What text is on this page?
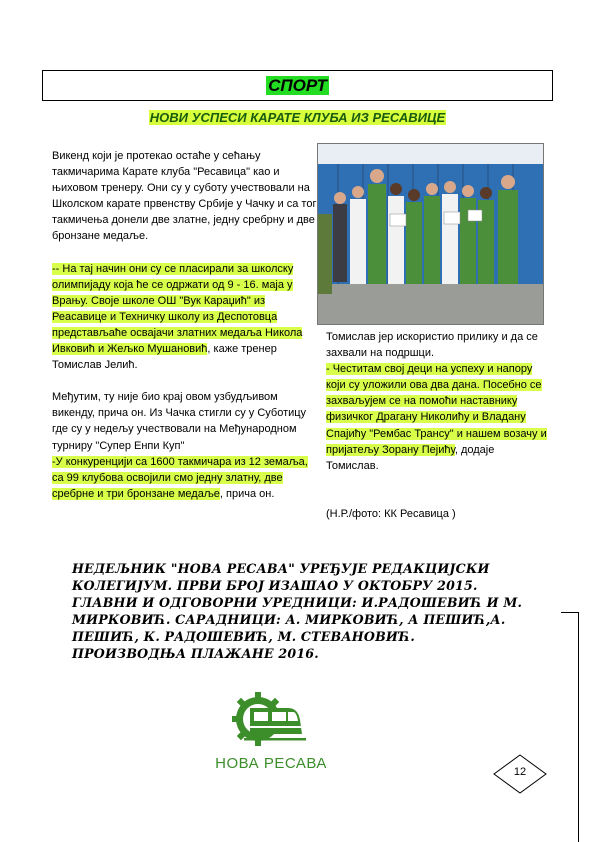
СПОРТ
НОВИ УСПЕСИ КАРАТЕ КЛУБА ИЗ РЕСАВИЦЕ

Викенд који је протекао остаће у сећању такмичарима Карате клуба "Ресавица" као и њиховом тренеру. Они су у суботу учествовали на Школском карате првенству Србије у Чачку и са тог такмичења донели две златне, једну сребрну и две бронзане медаље.

-- На тај начин они су се пласирали за школску олимпијаду која ће се одржати од 9 - 16. маја у Врању. Своје школе ОШ "Вук Караџић" из Реасавице и Техничку школу из Деспотовца представљаће освајачи златних медаља Никола Ивковић и Жељко Мушановић, каже тренер Томислав Јелић.

Међутим, ту није био крај овом узбудљивом викенду, прича он. Из Чачка стигли су у Суботицу где су у недељу учествовали на Међународном турниру "Супер Енпи Куп"
-У конкуренцији са 1600 такмичара из 12 земаља, са 99 клубова освојили смо једну златну, две сребрне и три бронзане медаље, прича он.

Томислав јер искористио прилику и да се захвали на подршци.

- Честитам свој деци на успеху и напору који су уложили ова два дана. Посебно се захваљујем се на помоћи наставнику физичког Драгану Николићу и Владану Спајићу "Рембас Трансу" и нашем возачу и пријатељу Зорану Пејићу, додаје Томислав.

(Н.Р./фото: КК Ресавица )

НЕДЕЉНИК "НОВА РЕСАВА" УРЕЂУЈЕ РЕДАКЦИЈСКИ КОЛЕГИЈУМ. ПРВИ БРОЈ ИЗАШАО У ОКТОБРУ 2015. ГЛАВНИ И ОДГОВОРНИ УРЕДНИЦИ: И.РАДОШЕВИЋ И М. МИРКОВИЋ. САРАДНИЦИ: А. МИРКОВИЋ, А ПЕШИЋ,А. ПЕШИЋ, К. РАДОШЕВИЋ, М. СТЕВАНОВИЋ. ПРОИЗВОДЊА ПЛАЖАНЕ 2016.
НОВА РЕСАВА	12
